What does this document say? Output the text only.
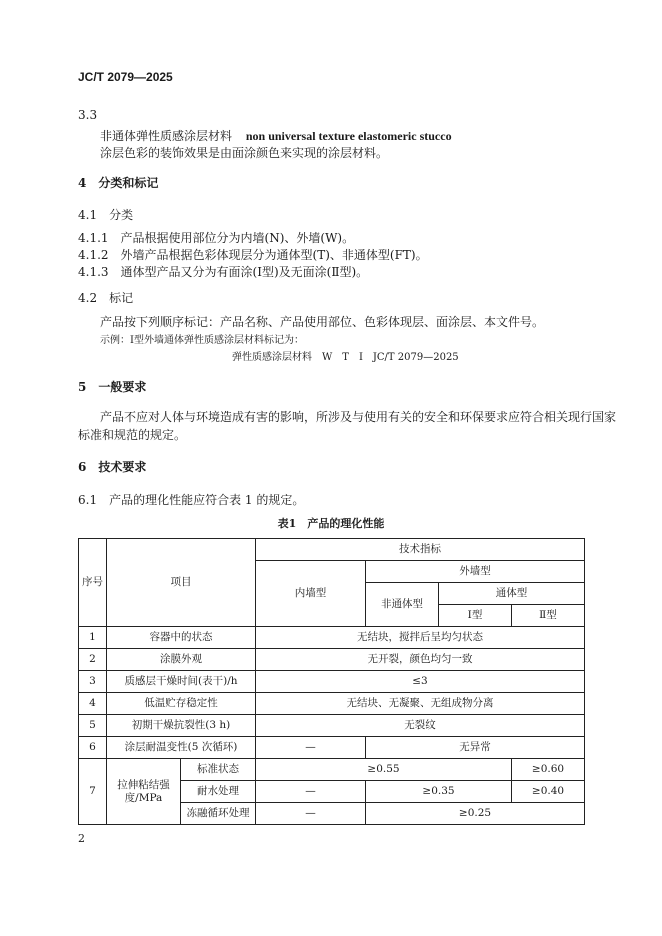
JC/T 2079—2025
3.3
非通体弹性质感涂层材料 non universal texture elastomeric stucco
涂层色彩的装饰效果是由面涂颜色来实现的涂层材料。
4　分类和标记
4.1　分类
4.1.1　产品根据使用部位分为内墙(N)、外墙(W)。
4.1.2　外墙产品根据色彩体现层分为通体型(T)、非通体型(FT)。
4.1.3　通体型产品又分为有面涂(Ⅰ型)及无面涂(Ⅱ型)。
4.2　标记
产品按下列顺序标记：产品名称、产品使用部位、色彩体现层、面涂层、本文件号。
示例：Ⅰ型外墙通体弹性质感涂层材料标记为：
弹性质感涂层材料　W　T　Ⅰ　JC/T 2079—2025
5　一般要求
产品不应对人体与环境造成有害的影响，所涉及与使用有关的安全和环保要求应符合相关现行国家
标准和规范的规定。
6　技术要求
6.1　产品的理化性能应符合表 1 的规定。
表1　产品的理化性能
序号	项目		技术指标			
			内墙型	外墙型		
				非通体型	通体型	
					Ⅰ型	Ⅱ型
1	容器中的状态		无结块，搅拌后呈均匀状态			
2	涂膜外观		无开裂，颜色均匀一致			
3	质感层干燥时间(表干)/h		≤3			
4	低温贮存稳定性		无结块、无凝聚、无组成物分离			
5	初期干燥抗裂性(3 h)		无裂纹			
6	涂层耐温变性(5 次循环)		—	无异常		
7	拉伸粘结强度/MPa	标准状态	≥0.55			≥0.60
		耐水处理	—	≥0.35		≥0.40
		冻融循环处理	—	≥0.25		
2
